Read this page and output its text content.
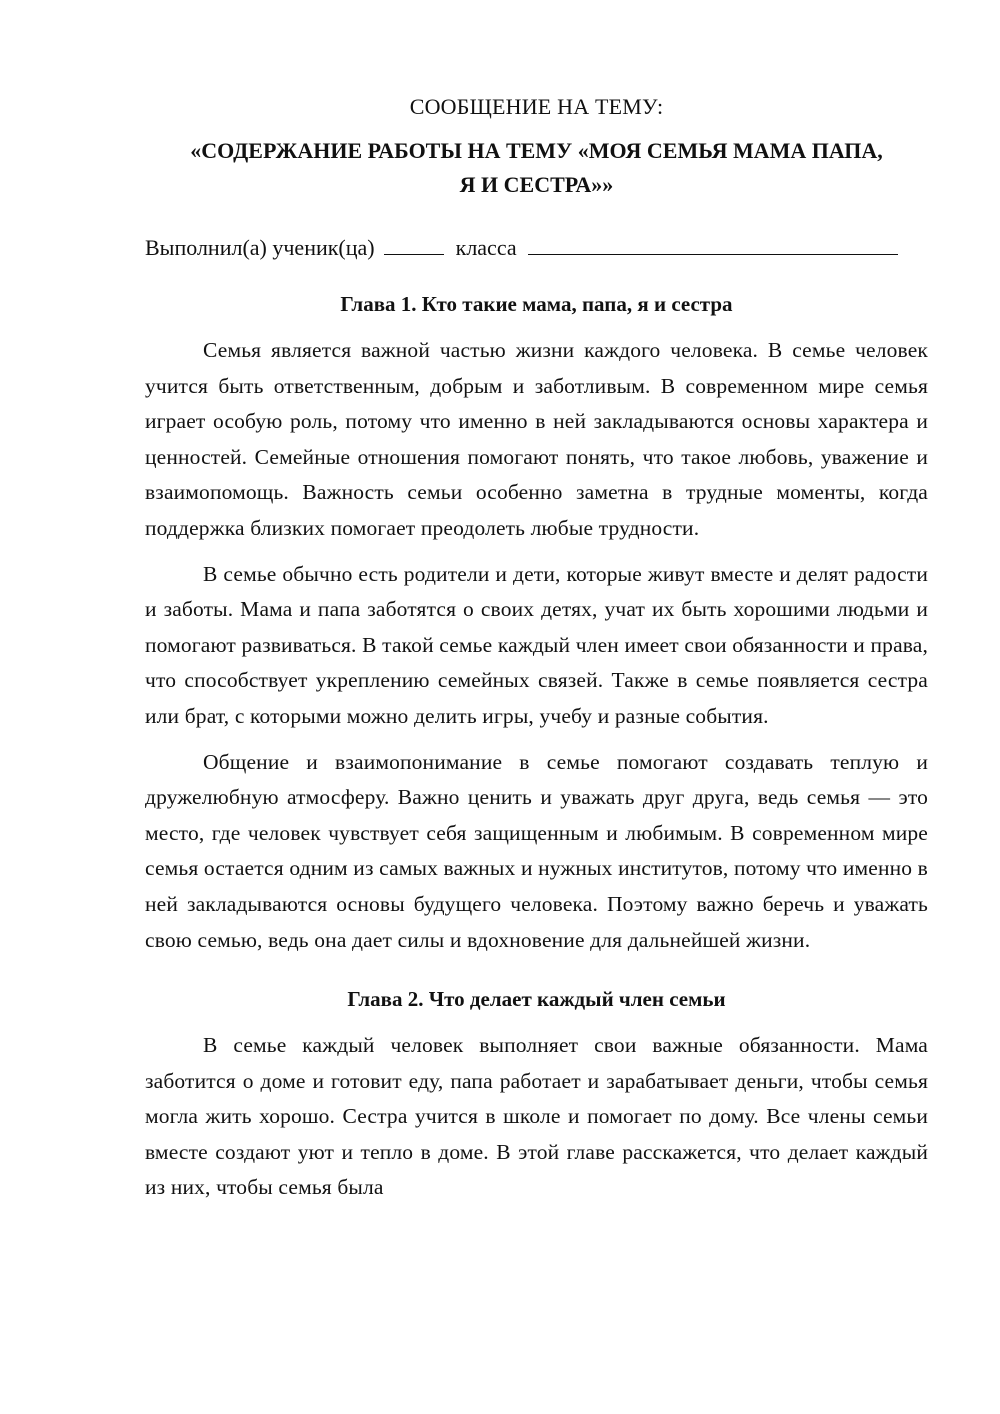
СООБЩЕНИЕ НА ТЕМУ:

«СОДЕРЖАНИЕ РАБОТЫ НА ТЕМУ «МОЯ СЕМЬЯ МАМА ПАПА,
Я И СЕСТРА»»

Выполнил(а) ученик(ца)	класса

Глава 1. Кто такие мама, папа, я и сестра

Семья является важной частью жизни каждого человека. В семье человек учится быть ответственным, добрым и заботливым. В современном мире семья играет особую роль, потому что именно в ней закладываются основы характера и ценностей. Семейные отношения помогают понять, что такое любовь, уважение и взаимопомощь. Важность семьи особенно заметна в трудные моменты, когда поддержка близких помогает преодолеть любые трудности.

В семье обычно есть родители и дети, которые живут вместе и делят радости и заботы. Мама и папа заботятся о своих детях, учат их быть хорошими людьми и помогают развиваться. В такой семье каждый член имеет свои обязанности и права, что способствует укреплению семейных связей. Также в семье появляется сестра или брат, с которыми можно делить игры, учебу и разные события.

Общение и взаимопонимание в семье помогают создавать теплую и дружелюбную атмосферу. Важно ценить и уважать друг друга, ведь семья — это место, где человек чувствует себя защищенным и любимым. В современном мире семья остается одним из самых важных и нужных институтов, потому что именно в ней закладываются основы будущего человека. Поэтому важно беречь и уважать свою семью, ведь она дает силы и вдохновение для дальнейшей жизни.

Глава 2. Что делает каждый член семьи

В семье каждый человек выполняет свои важные обязанности. Мама заботится о доме и готовит еду, папа работает и зарабатывает деньги, чтобы семья могла жить хорошо. Сестра учится в школе и помогает по дому. Все члены семьи вместе создают уют и тепло в доме. В этой главе расскажется, что делает каждый из них, чтобы семья была
